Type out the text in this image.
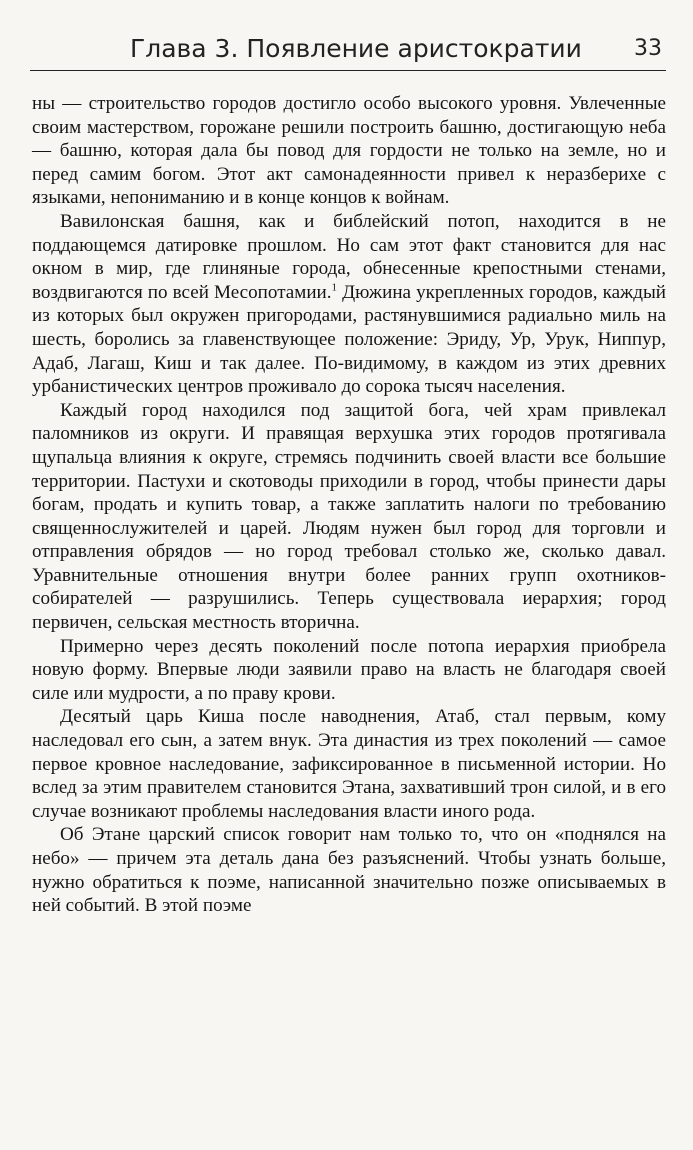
Глава 3. Появление аристократии 33

ны — строительство городов достигло особо высокого уровня. Увлеченные своим мастерством, горожане решили построить башню, достигающую неба — башню, которая дала бы повод для гордости не только на земле, но и перед самим богом. Этот акт самонадеянности привел к неразберихе с языками, непониманию и в конце концов к войнам.

Вавилонская башня, как и библейский потоп, находится в не поддающемся датировке прошлом. Но сам этот факт становится для нас окном в мир, где глиняные города, обнесенные крепостными стенами, воздвигаются по всей Месопотамии.$^1$ Дюжина укрепленных городов, каждый из которых был окружен пригородами, растянувшимися радиально миль на шесть, боролись за главенствующее положение: Эриду, Ур, Урук, Ниппур, Адаб, Лагаш, Киш и так далее. По-видимому, в каждом из этих древних урбанистических центров проживало до сорока тысяч населения.

Каждый город находился под защитой бога, чей храм привлекал паломников из округи. И правящая верхушка этих городов протягивала щупальца влияния к округе, стремясь подчинить своей власти все большие территории. Пастухи и скотоводы приходили в город, чтобы принести дары богам, продать и купить товар, а также заплатить налоги по требованию священнослужителей и царей. Людям нужен был город для торговли и отправления обрядов — но город требовал столько же, сколько давал. Уравнительные отношения внутри более ранних групп охотников-собирателей — разрушились. Теперь существовала иерархия; город первичен, сельская местность вторична.

Примерно через десять поколений после потопа иерархия приобрела новую форму. Впервые люди заявили право на власть не благодаря своей силе или мудрости, а по праву крови.

Десятый царь Киша после наводнения, Атаб, стал первым, кому наследовал его сын, а затем внук. Эта династия из трех поколений — самое первое кровное наследование, зафиксированное в письменной истории. Но вслед за этим правителем становится Этана, захвативший трон силой, и в его случае возникают проблемы наследования власти иного рода.

Об Этане царский список говорит нам только то, что он «поднялся на небо» — причем эта деталь дана без разъяснений. Чтобы узнать больше, нужно обратиться к поэме, написанной значительно позже описываемых в ней событий. В этой поэме
